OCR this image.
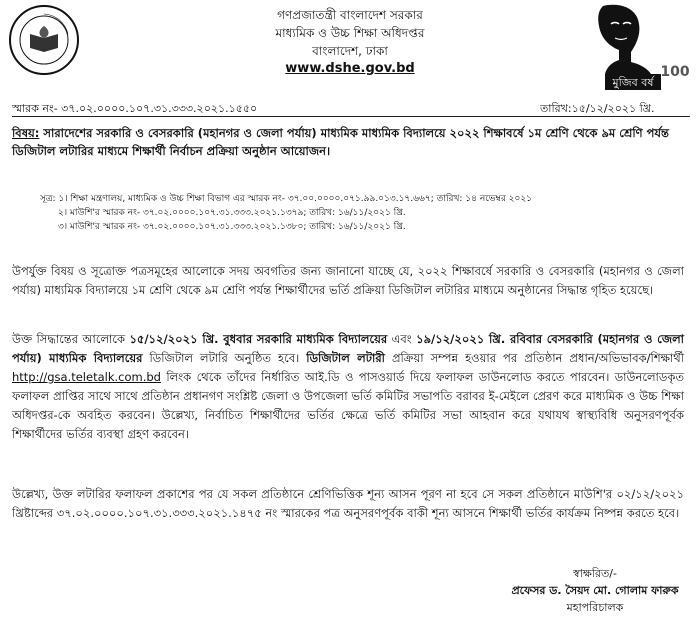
গণপ্রজাতন্ত্রী বাংলাদেশ সরকার
মাধ্যমিক ও উচ্চ শিক্ষা অধিদপ্তর
বাংলাদেশ, ঢাকা
www.dshe.gov.bd
মুজিব বর্ষ
100
স্মারক নং- ৩৭.০২.০০০০.১০৭.৩১.৩৩৩.২০২১.১৫৫০	তারিখ:১৫/১২/২০২১ খ্রি.
বিষয়: সারাদেশের সরকারি ও বেসরকারি (মহানগর ও জেলা পর্যায়) মাধ্যমিক মাধ্যমিক বিদ্যালয়ে ২০২২ শিক্ষাবর্ষে ১ম শ্রেণি থেকে ৯ম শ্রেণি পর্যন্ত ডিজিটাল লটারির মাধ্যমে শিক্ষার্থী নির্বাচন প্রক্রিয়া অনুষ্ঠান আয়োজন।
সূত্র: ১। শিক্ষা মন্ত্রণালয়, মাধ্যমিক ও উচ্চ শিক্ষা বিভাগ এর স্মারক নং- ৩৭.০০.০০০০.০৭১.৯৯.০১৩.১৭.৬৬৭; তারিখ: ১৪ নভেম্বর ২০২১
২। মাউশি'র স্মারক নং- ৩৭.০২.০০০০.১০৭.৩১.৩৩৩.২০২১.১৩৭৯; তারিখ: ১৬/১১/২০২১ খ্রি.
৩। মাউশি'র স্মারক নং- ৩৭.০২.০০০০.১০৭.৩১.৩৩৩.২০২১.১৩৮০; তারিখ: ১৬/১১/২০২১ খ্রি.
উপর্যুক্ত বিষয় ও সূত্রোক্ত পত্রসমূহের আলোকে সদয় অবগতির জন্য জানানো যাচ্ছে যে, ২০২২ শিক্ষাবর্ষে সরকারি ও বেসরকারি (মহানগর ও জেলা পর্যায়) মাধ্যমিক বিদ্যালয়ে ১ম শ্রেণি থেকে ৯ম শ্রেণি পর্যন্ত শিক্ষার্থীদের ভর্তি প্রক্রিয়া ডিজিটাল লটারির মাধ্যমে অনুষ্ঠানের সিদ্ধান্ত গৃহিত হয়েছে।
উক্ত সিদ্ধান্তের আলোকে ১৫/১২/২০২১ খ্রি. বুধবার সরকারি মাধ্যমিক বিদ্যালয়ের এবং ১৯/১২/২০২১ খ্রি. রবিবার বেসরকারি (মহানগর ও জেলা পর্যায়) মাধ্যমিক বিদ্যালয়ের ডিজিটাল লটারি অনুষ্ঠিত হবে। ডিজিটাল লটারী প্রক্রিয়া সম্পন্ন হওয়ার পর প্রতিষ্ঠান প্রধান/অভিভাবক/শিক্ষার্থী http://gsa.teletalk.com.bd লিংক থেকে তাঁদের নির্ধারিত আই.ডি ও পাসওয়ার্ড দিয়ে ফলাফল ডাউনলোড করতে পারবেন। ডাউনলোডকৃত ফলাফল প্রাপ্তির সাথে সাথে প্রতিষ্ঠান প্রধানগণ সংশ্লিষ্ট জেলা ও উপজেলা ভর্তি কমিটির সভাপতি বরাবর ই-মেইলে প্রেরণ করে মাধ্যমিক ও উচ্চ শিক্ষা অধিদপ্তর-কে অবহিত করবেন। উল্লেখ্য, নির্বাচিত শিক্ষার্থীদের ভর্তির ক্ষেত্রে ভর্তি কমিটির সভা আহবান করে যথাযথ স্বাস্থ্যবিধি অনুসরণপূর্বক শিক্ষার্থীদের ভর্তির ব্যবস্থা গ্রহণ করবেন।
উল্লেখ্য, উক্ত লটারির ফলাফল প্রকাশের পর যে সকল প্রতিষ্ঠানে শ্রেণিভিত্তিক শূন্য আসন পূরণ না হবে সে সকল প্রতিষ্ঠানে মাউশি'র ০২/১২/২০২১ খ্রিষ্টাব্দের ৩৭.০২.০০০০.১০৭.৩১.৩৩৩.২০২১.১৪৭৫ নং স্মারকের পত্র অনুসরণপূর্বক বাকী শূন্য আসনে শিক্ষার্থী ভর্তির কার্যক্রম নিষ্পন্ন করতে হবে।
স্বাক্ষরিত/-
প্রফেসর ড. সৈয়দ মো. গোলাম ফারুক
মহাপরিচালক
